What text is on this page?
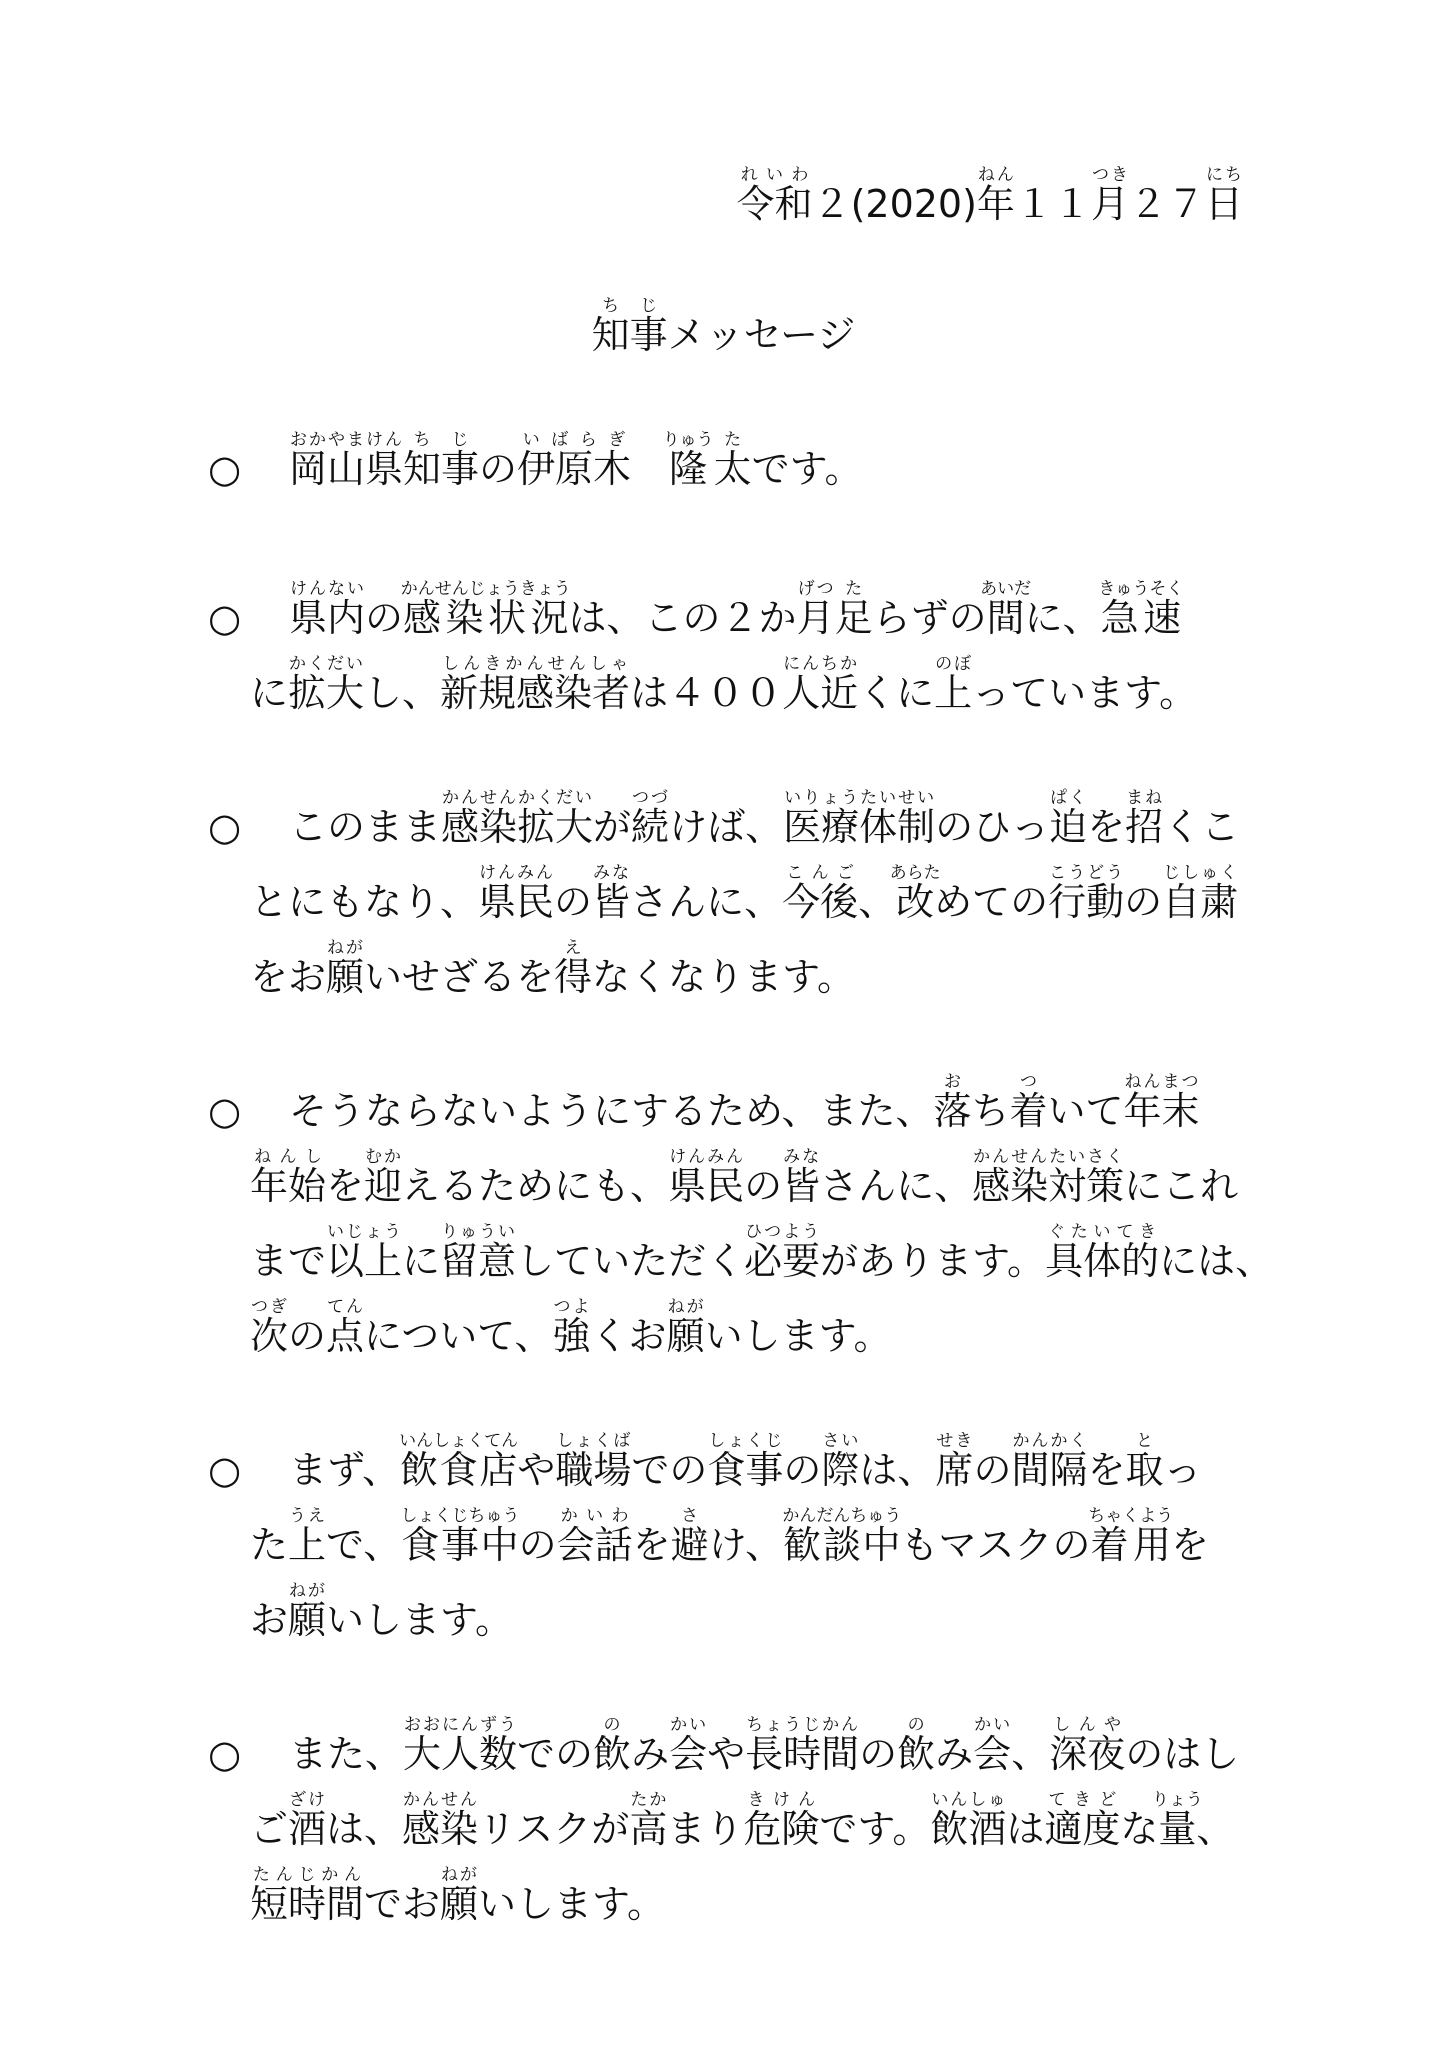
令和れいわ２(2020)年ねん１１月つき２７日にち
知事ちじメッセージ
○	岡山県おかやまけん知事ちじの伊原木いばらぎ　隆りゅう太たです。
○	県内けんないの感染状況かんせんじょうきょうは、この２か月げつ足たらずの間あいだに、急速きゅうそく
に拡大かくだいし、新規感染者しんきかんせんしゃは４００人近にんちかくに上のぼっています。
○	このまま感染拡大かんせんかくだいが続つづけば、医療体制いりょうたいせいのひっ迫ぱくを招まねくこ
とにもなり、県民けんみんの皆みなさんに、今後こんご、改あらためての行動こうどうの自粛じしゅく
をお願ねがいせざるを得えなくなります。
○	そうならないようにするため、また、落おち着ついて年末ねんまつ
年始ねんしを迎むかえるためにも、県民けんみんの皆みなさんに、感染対策かんせんたいさくにこれ
まで以上いじょうに留意りゅういしていただく必要ひつようがあります。具体的ぐたいてきには、
次つぎの点てんについて、強つよくお願ねがいします。
○	まず、飲食店いんしょくてんや職場しょくばでの食事しょくじの際さいは、席せきの間隔かんかくを取とっ
た上うえで、食事中しょくじちゅうの会話かいわを避さけ、歓談中かんだんちゅうもマスクの着用ちゃくようを
お願ねがいします。
○	また、大人数おおにんずうでの飲のみ会かいや長時間ちょうじかんの飲のみ会かい、深夜しんやのはし
ご酒ざけは、感染かんせんリスクが高たかまり危険きけんです。飲酒いんしゅは適度てきどな量りょう、
短時間たんじかんでお願ねがいします。
